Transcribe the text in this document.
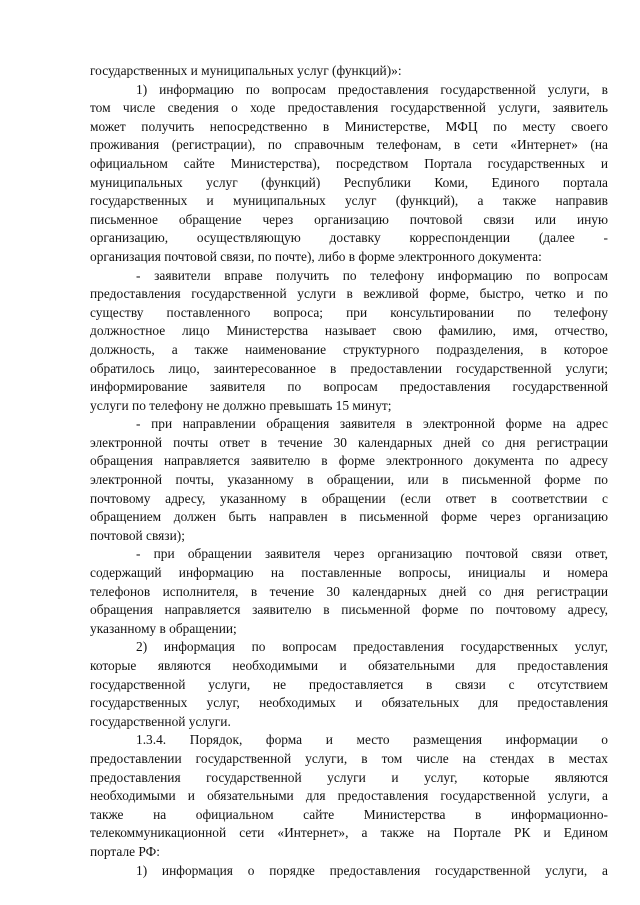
государственных и муниципальных услуг (функций)»:
1) информацию по вопросам предоставления государственной услуги, в
том числе сведения о ходе предоставления государственной услуги, заявитель
может получить непосредственно в Министерстве, МФЦ по месту своего
проживания (регистрации), по справочным телефонам, в сети «Интернет» (на
официальном сайте Министерства), посредством Портала государственных и
муниципальных услуг (функций) Республики Коми, Единого портала
государственных и муниципальных услуг (функций), а также направив
письменное обращение через организацию почтовой связи или иную
организацию, осуществляющую доставку корреспонденции (далее -
организация почтовой связи, по почте), либо в форме электронного документа:
- заявители вправе получить по телефону информацию по вопросам
предоставления государственной услуги в вежливой форме, быстро, четко и по
существу поставленного вопроса; при консультировании по телефону
должностное лицо Министерства называет свою фамилию, имя, отчество,
должность, а также наименование структурного подразделения, в которое
обратилось лицо, заинтересованное в предоставлении государственной услуги;
информирование заявителя по вопросам предоставления государственной
услуги по телефону не должно превышать 15 минут;
- при направлении обращения заявителя в электронной форме на адрес
электронной почты ответ в течение 30 календарных дней со дня регистрации
обращения направляется заявителю в форме электронного документа по адресу
электронной почты, указанному в обращении, или в письменной форме по
почтовому адресу, указанному в обращении (если ответ в соответствии с
обращением должен быть направлен в письменной форме через организацию
почтовой связи);
- при обращении заявителя через организацию почтовой связи ответ,
содержащий информацию на поставленные вопросы, инициалы и номера
телефонов исполнителя, в течение 30 календарных дней со дня регистрации
обращения направляется заявителю в письменной форме по почтовому адресу,
указанному в обращении;
2) информация по вопросам предоставления государственных услуг,
которые являются необходимыми и обязательными для предоставления
государственной услуги, не предоставляется в связи с отсутствием
государственных услуг, необходимых и обязательных для предоставления
государственной услуги.
1.3.4. Порядок, форма и место размещения информации о
предоставлении государственной услуги, в том числе на стендах в местах
предоставления государственной услуги и услуг, которые являются
необходимыми и обязательными для предоставления государственной услуги, а
также на официальном сайте Министерства в информационно-
телекоммуникационной сети «Интернет», а также на Портале РК и Едином
портале РФ:
1) информация о порядке предоставления государственной услуги, а
